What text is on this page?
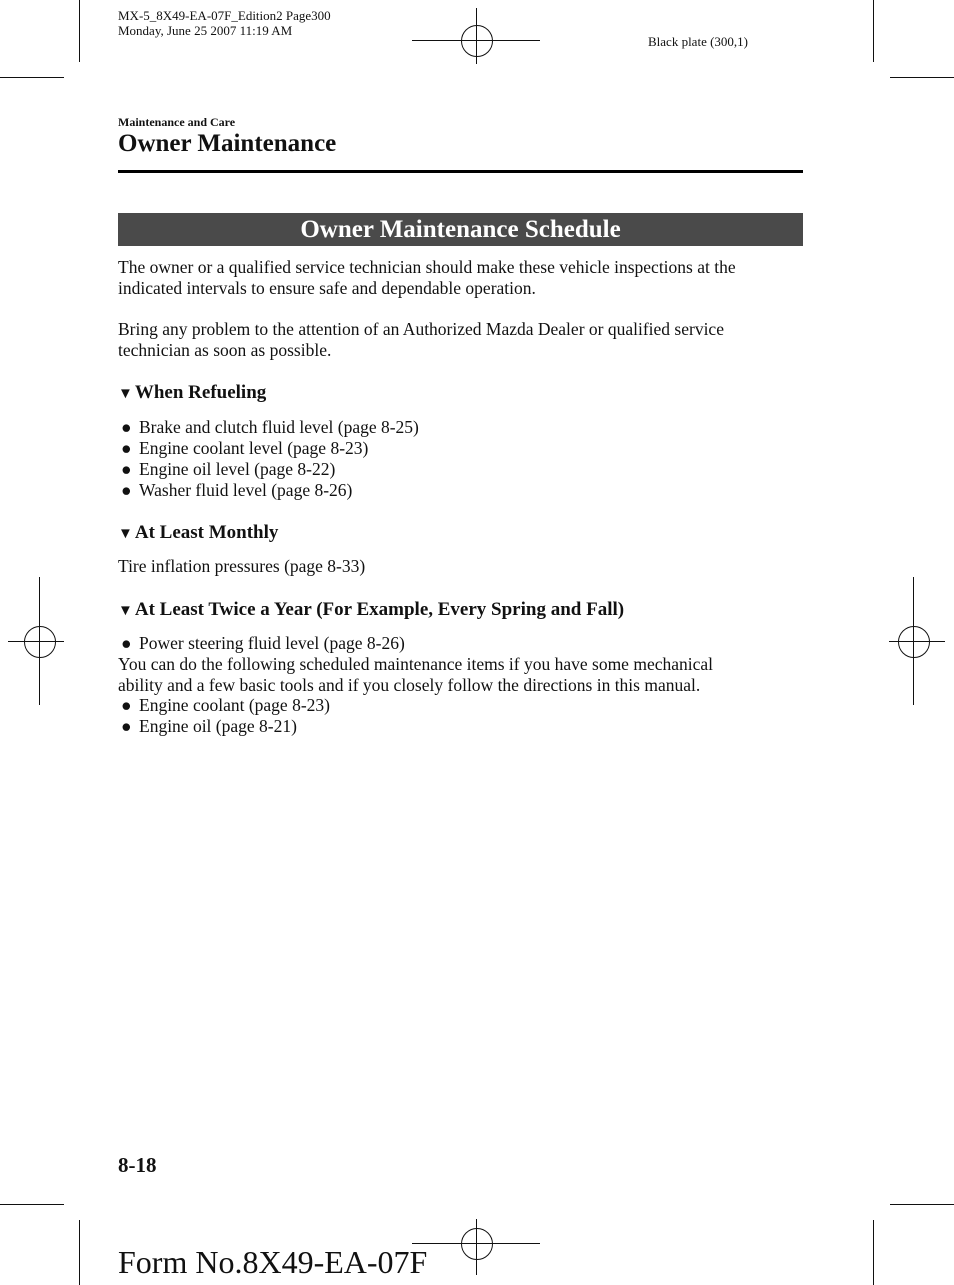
MX-5_8X49-EA-07F_Edition2 Page300
Monday, June 25 2007 11:19 AM
Black plate (300,1)
Maintenance and Care
Owner Maintenance
Owner Maintenance Schedule
The owner or a qualified service technician should make these vehicle inspections at the
indicated intervals to ensure safe and dependable operation.
Bring any problem to the attention of an Authorized Mazda Dealer or qualified service
technician as soon as possible.
▼ When Refueling
● Brake and clutch fluid level (page 8-25)
● Engine coolant level (page 8-23)
● Engine oil level (page 8-22)
● Washer fluid level (page 8-26)
▼ At Least Monthly
Tire inflation pressures (page 8-33)
▼ At Least Twice a Year (For Example, Every Spring and Fall)
● Power steering fluid level (page 8-26)
You can do the following scheduled maintenance items if you have some mechanical
ability and a few basic tools and if you closely follow the directions in this manual.
● Engine coolant (page 8-23)
● Engine oil (page 8-21)
8-18
Form No.8X49-EA-07F
